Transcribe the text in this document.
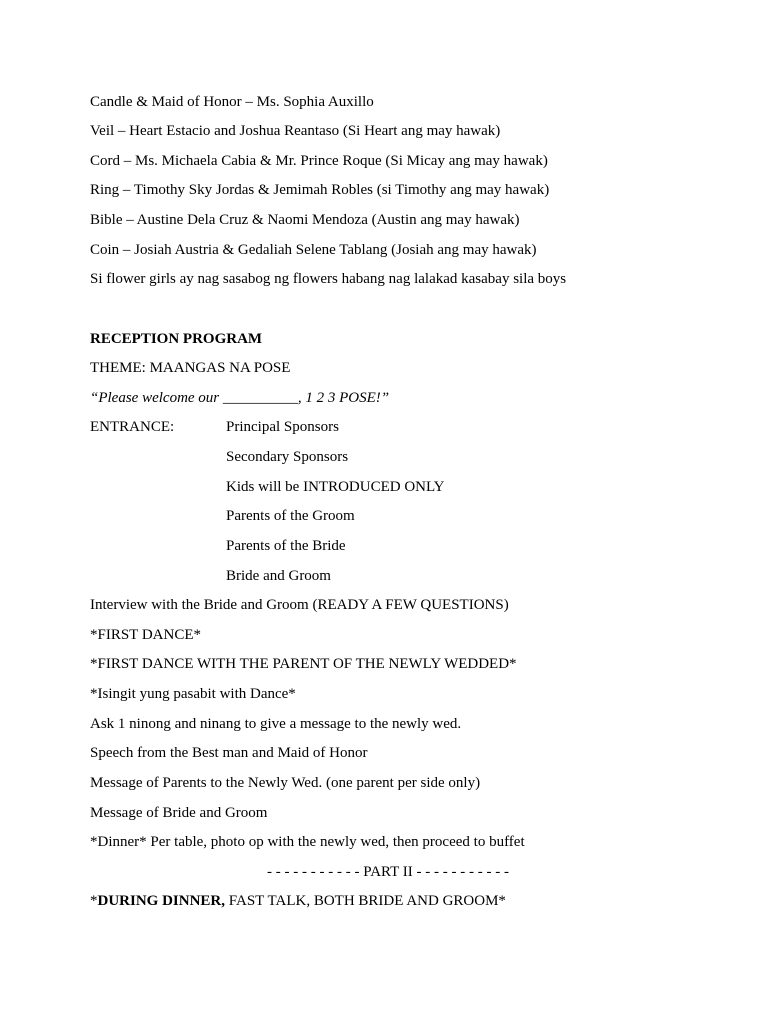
Candle & Maid of Honor – Ms. Sophia Auxillo
Veil – Heart Estacio and Joshua Reantaso (Si Heart ang may hawak)
Cord – Ms. Michaela Cabia & Mr. Prince Roque (Si Micay ang may hawak)
Ring – Timothy Sky Jordas & Jemimah Robles (si Timothy ang may hawak)
Bible – Austine Dela Cruz & Naomi Mendoza (Austin ang may hawak)
Coin – Josiah Austria & Gedaliah Selene Tablang (Josiah ang may hawak)
Si flower girls ay nag sasabog ng flowers habang nag lalakad kasabay sila boys
RECEPTION PROGRAM
THEME: MAANGAS NA POSE
“Please welcome our __________, 1 2 3 POSE!”
ENTRANCE:	Principal Sponsors
Secondary Sponsors
Kids will be INTRODUCED ONLY
Parents of the Groom
Parents of the Bride
Bride and Groom
Interview with the Bride and Groom (READY A FEW QUESTIONS)
*FIRST DANCE*
*FIRST DANCE WITH THE PARENT OF THE NEWLY WEDDED*
*Isingit yung pasabit with Dance*
Ask 1 ninong and ninang to give a message to the newly wed.
Speech from the Best man and Maid of Honor
Message of Parents to the Newly Wed. (one parent per side only)
Message of Bride and Groom
*Dinner* Per table, photo op with the newly wed, then proceed to buffet
- - - - - - - - - - - PART II - - - - - - - - - - -
*DURING DINNER, FAST TALK, BOTH BRIDE AND GROOM*
